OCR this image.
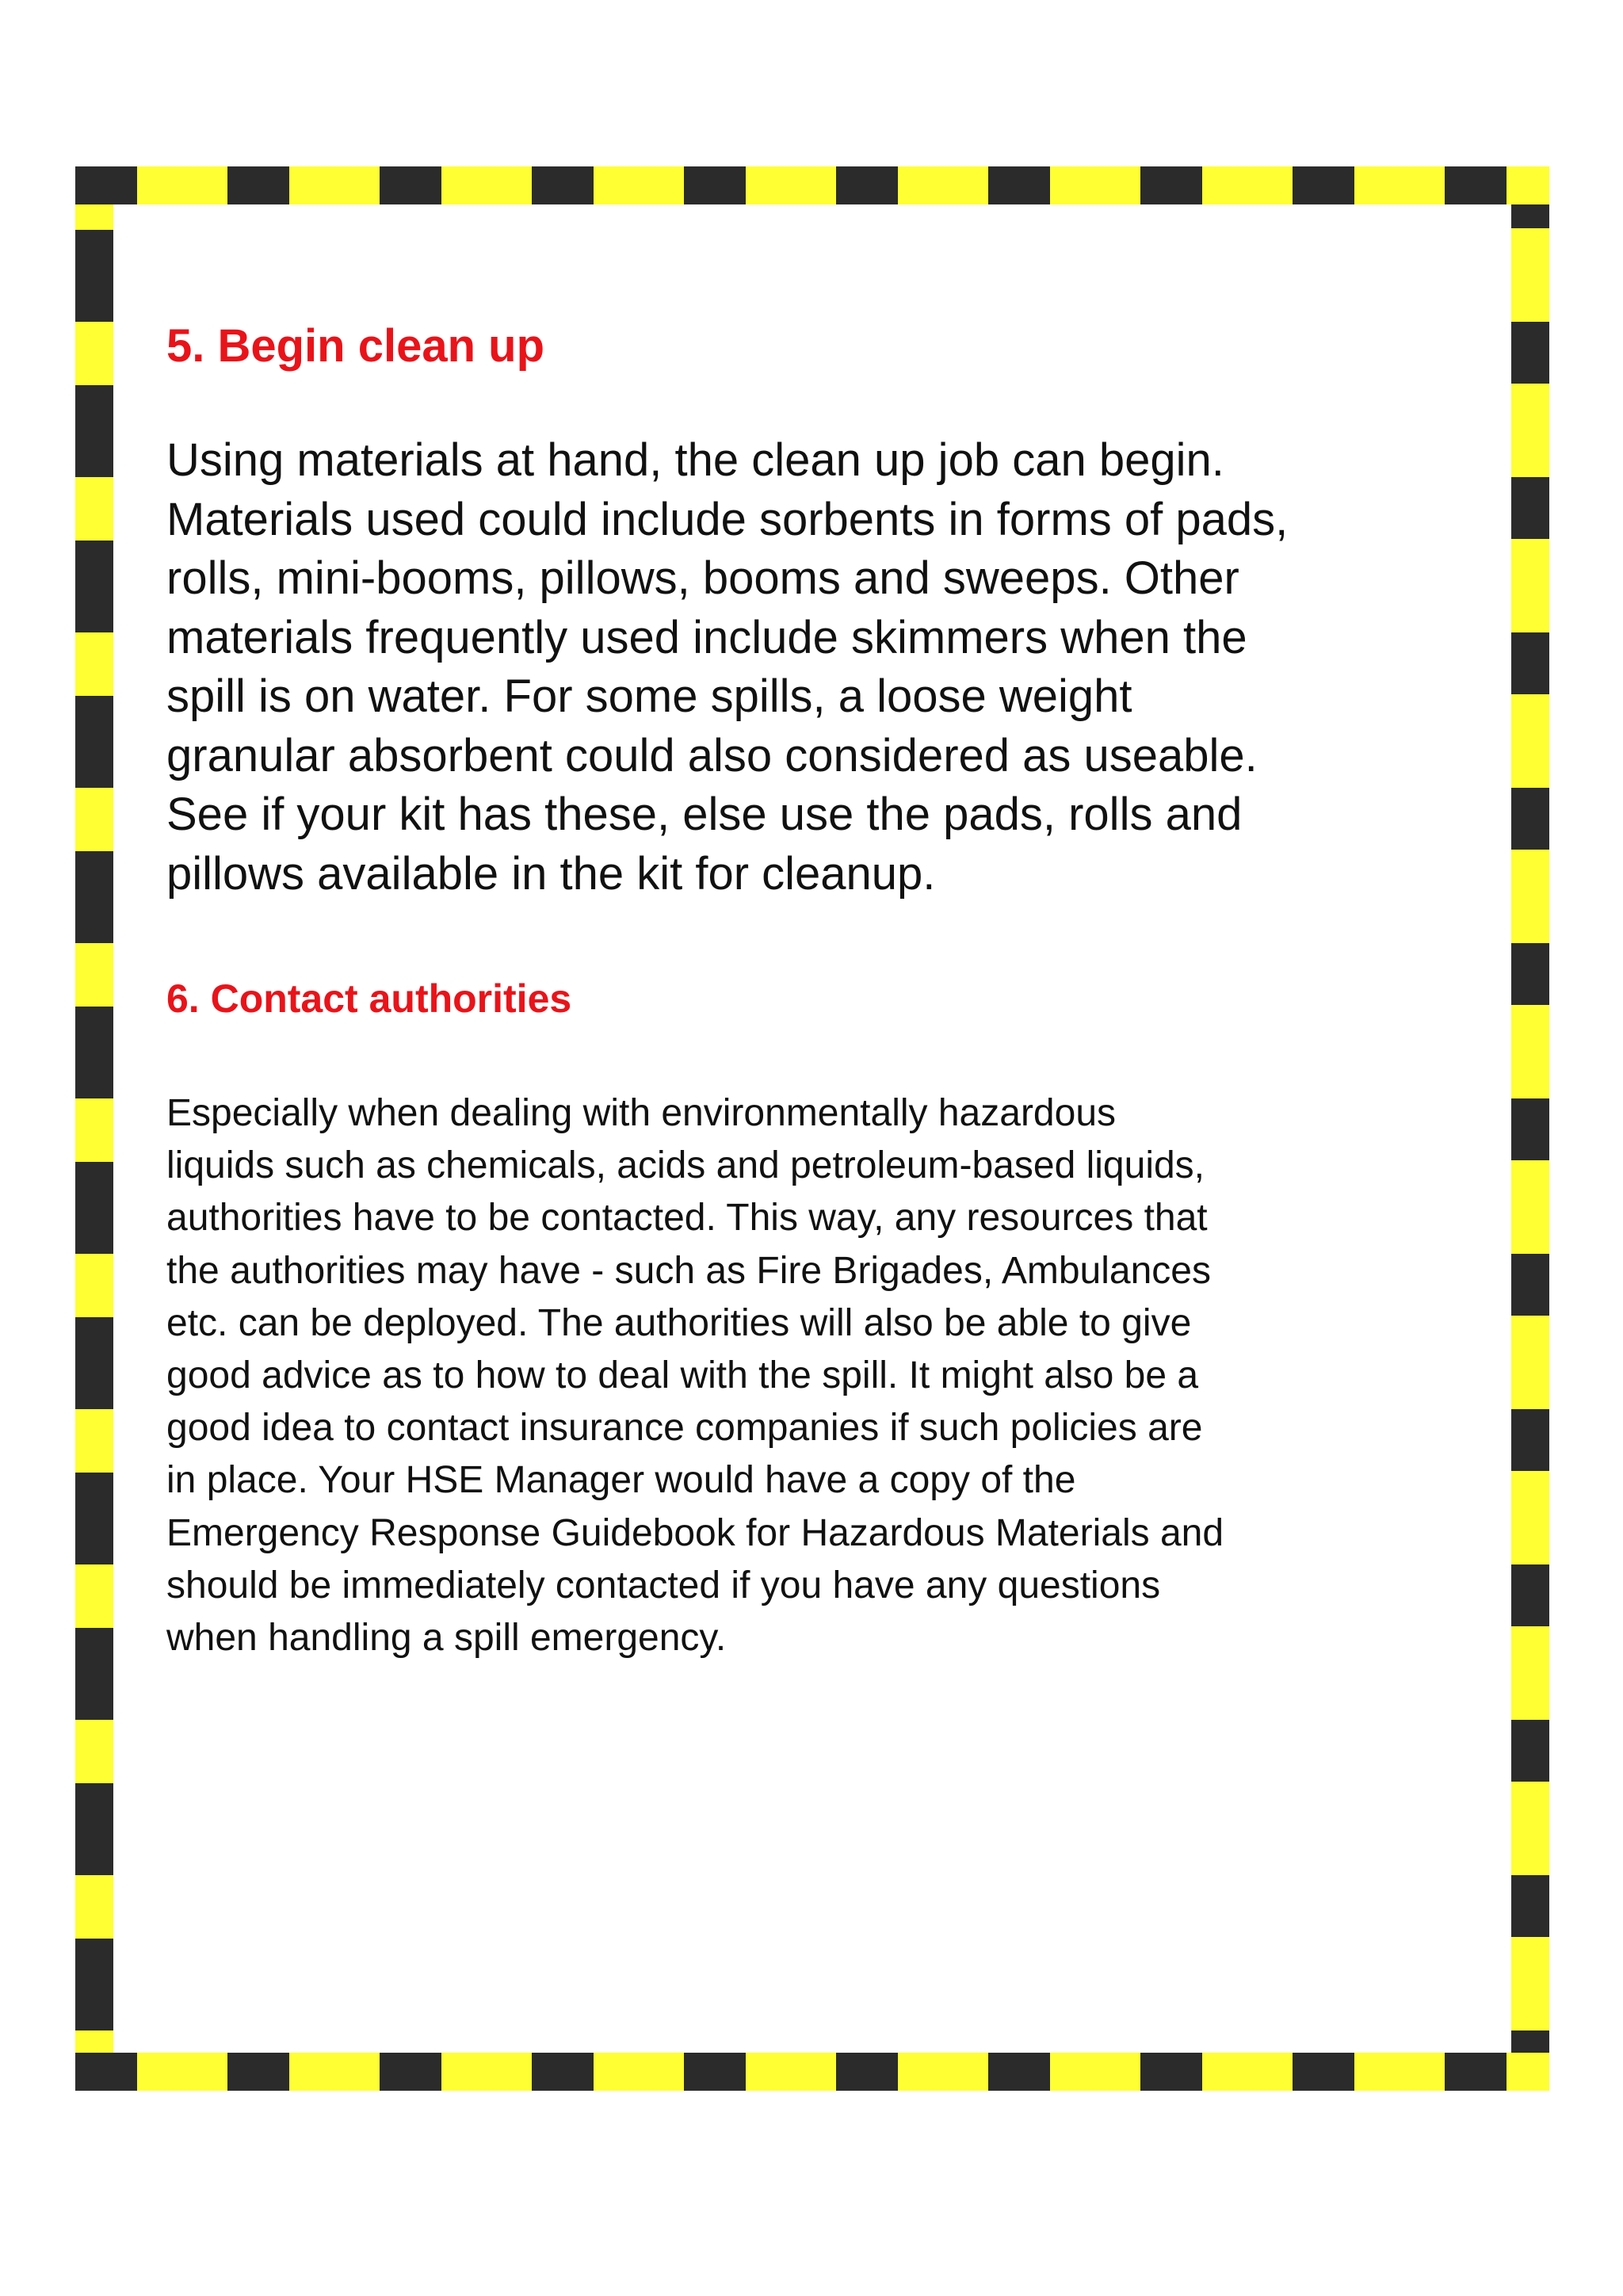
5. Begin clean up

Using materials at hand, the clean up job can begin.
Materials used could include sorbents in forms of pads,
rolls, mini-booms, pillows, booms and sweeps. Other
materials frequently used include skimmers when the
spill is on water. For some spills, a loose weight
granular absorbent could also considered as useable.
See if your kit has these, else use the pads, rolls and
pillows available in the kit for cleanup.

6. Contact authorities

Especially when dealing with environmentally hazardous
liquids such as chemicals, acids and petroleum-based liquids,
authorities have to be contacted. This way, any resources that
the authorities may have - such as Fire Brigades, Ambulances
etc. can be deployed. The authorities will also be able to give
good advice as to how to deal with the spill. It might also be a
good idea to contact insurance companies if such policies are
in place. Your HSE Manager would have a copy of the
Emergency Response Guidebook for Hazardous Materials and
should be immediately contacted if you have any questions
when handling a spill emergency.
